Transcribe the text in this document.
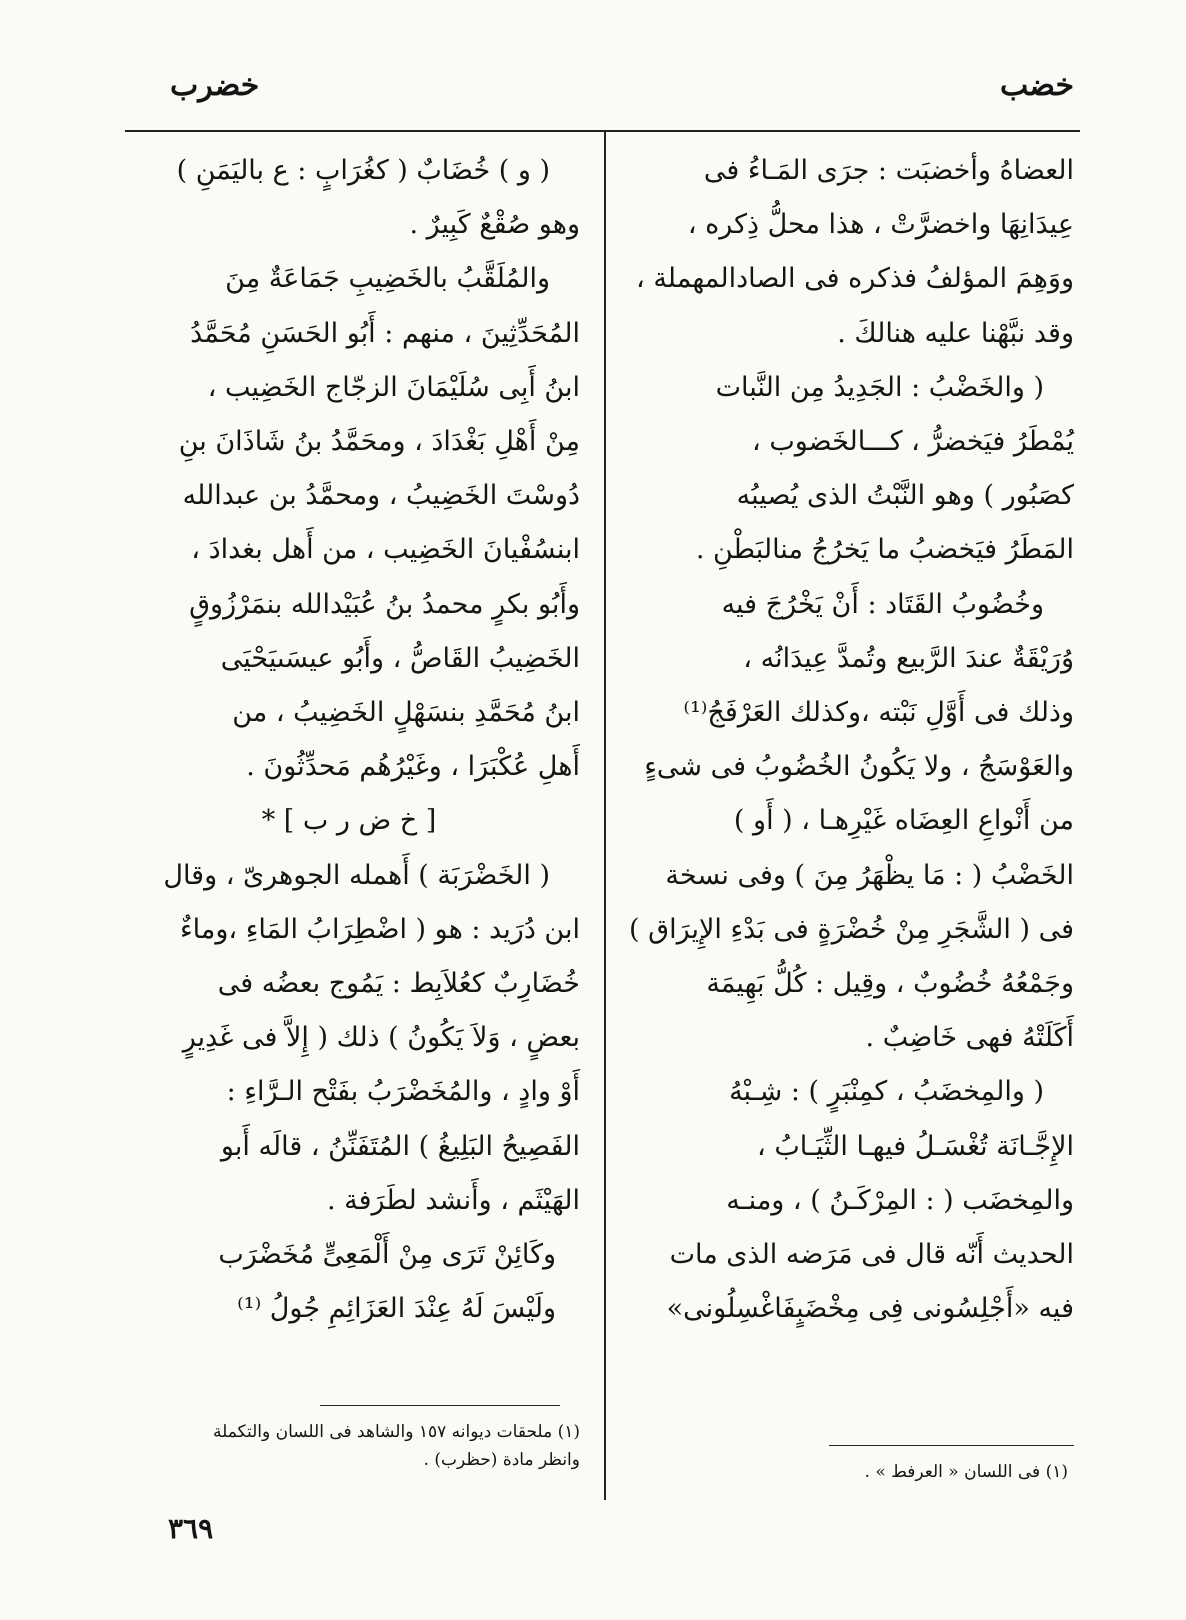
خضب
خضرب

العضاهُ وأخضبَت : جرَى المَـاءُ فى

عِيدَانِهَا واخضرَّتْ ، هذا محلُّ ذِكره ،

ووَهِمَ المؤلفُ فذكره فى الصادالمهملة ،

وقد نبَّهْنا عليه هنالكَ .

( والخَضْبُ : الجَدِيدُ مِن النَّبات

يُمْطَرُ فيَخضرُّ ، كـــالخَضوب ،

كصَبُور ) وهو النَّبْتُ الذى يُصيبُه

المَطَرُ فيَخضبُ ما يَخرُجُ منالبَطْنِ .

وخُضُوبُ القَتَاد : أَنْ يَخْرُجَ فيه

وُرَيْقَةٌ عندَ الرَّبيع وتُمدَّ عِيدَانُه ،

وذلك فى أَوَّلِ نَبْته ،وكذلك العَرْفَجُ⁽¹⁾

والعَوْسَجُ ، ولا يَكُونُ الخُضُوبُ فى شىءٍ

من أَنْواعِ العِضَاه غَيْرِهـا ، ( أَو )

الخَضْبُ ( : مَا يظْهَرُ مِنَ ) وفى نسخة

فى ( الشَّجَرِ مِنْ خُضْرَةٍ فى بَدْءِ الإِيرَاق )

وجَمْعُهُ خُضُوبٌ ، وقِيل : كُلُّ بَهِيمَة

أَكَلَتْهُ فهى خَاضِبٌ .

( والمِخضَبُ ، كمِنْبَرٍ ) : شِـبْهُ

الإِجَّـانَة تُغْسَـلُ فيهـا الثِّيَـابُ ،

والمِخضَب ( : المِرْكَـنُ ) ، ومنـه

الحديث أَنّه قال فى مَرَضه الذى مات

فيه «أَجْلِسُونى فِى مِخْضَبٍفَاغْسِلُونى»

( و ) خُضَابٌ ( كغُرَابٍ : ع باليَمَنِ )

وهو صُقْعٌ كَبِيرٌ .

والمُلَقَّبُ بالخَضِيبِ جَمَاعَةٌ مِنَ

المُحَدِّثِينَ ، منهم : أَبُو الحَسَنِ مُحَمَّدُ

ابنُ أَبِى سُلَيْمَانَ الزجّاج الخَضِيب ،

مِنْ أَهْلِ بَغْدَادَ ، ومحَمَّدُ بنُ شَاذَانَ بنِ

دُوسْتَ الخَضِيبُ ، ومحمَّدُ بن عبدالله

ابنسُفْيانَ الخَضِيب ، من أَهل بغدادَ ،

وأَبُو بكرٍ محمدُ بنُ عُبَيْدالله بنمَرْزُوقٍ

الخَضِيبُ القَاصُّ ، وأَبُو عيسَىيَحْيَى

ابنُ مُحَمَّدِ بنسَهْلٍ الخَضِيبُ ، من

أَهلِ عُكْبَرَا ، وغَيْرُهُم مَحدِّثُونَ .

[ خ ض ر ب ] *

( الخَضْرَبَة ) أَهمله الجوهرىّ ، وقال

ابن دُرَيد : هو ( اضْطِرَابُ المَاءِ ،وماءٌ

خُضَارِبٌ كعُلاَبِط : يَمُوج بعضُه فى

بعضٍ ، وَلاَ يَكُونُ ) ذلك ( إِلاَّ فى غَدِيرٍ

أَوْ وادٍ ، والمُخَضْرَبُ بفَتْح الـرَّاءِ :

الفَصِيحُ البَلِيغُ ) المُتَفَنِّنُ ، قالَه أَبو

الهَيْثَم ، وأَنشد لطَرَفة .

وكَائِنْ تَرَى مِنْ أَلْمَعِىٍّ مُخَضْرَب

ولَيْسَ لَهُ عِنْدَ العَزَائِمِ جُولُ ⁽¹⁾

(١) فى اللسان « العرفط » .
(١) ملحقات ديوانه ١٥٧ والشاهد فى اللسان والتكملة
وانظر مادة (حظرب) .
٣٦٩
